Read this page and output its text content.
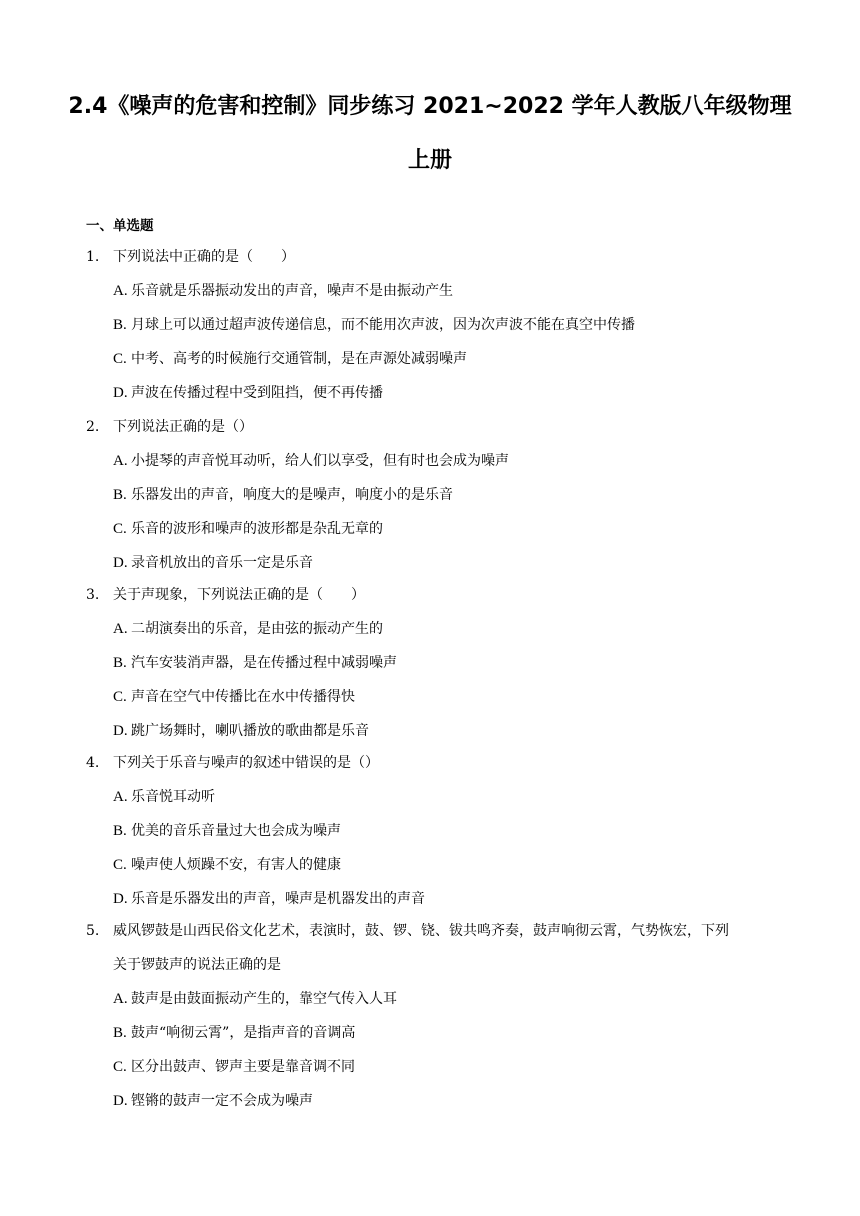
2.4《噪声的危害和控制》同步练习 2021~2022 学年人教版八年级物理
上册
一、单选题
1. 下列说法中正确的是（　　）
A. 乐音就是乐器振动发出的声音，噪声不是由振动产生
B. 月球上可以通过超声波传递信息，而不能用次声波，因为次声波不能在真空中传播
C. 中考、高考的时候施行交通管制，是在声源处减弱噪声
D. 声波在传播过程中受到阻挡，便不再传播
2. 下列说法正确的是（）
A. 小提琴的声音悦耳动听，给人们以享受，但有时也会成为噪声
B. 乐器发出的声音，响度大的是噪声，响度小的是乐音
C. 乐音的波形和噪声的波形都是杂乱无章的
D. 录音机放出的音乐一定是乐音
3. 关于声现象，下列说法正确的是（　　）
A. 二胡演奏出的乐音，是由弦的振动产生的
B. 汽车安装消声器，是在传播过程中减弱噪声
C. 声音在空气中传播比在水中传播得快
D. 跳广场舞时，喇叭播放的歌曲都是乐音
4. 下列关于乐音与噪声的叙述中错误的是（）
A. 乐音悦耳动听
B. 优美的音乐音量过大也会成为噪声
C. 噪声使人烦躁不安，有害人的健康
D. 乐音是乐器发出的声音，噪声是机器发出的声音
5. 威风锣鼓是山西民俗文化艺术，表演时，鼓、锣、铙、钹共鸣齐奏，鼓声响彻云霄，气势恢宏，下列
关于锣鼓声的说法正确的是
A. 鼓声是由鼓面振动产生的，靠空气传入人耳
B. 鼓声“响彻云霄”，是指声音的音调高
C. 区分出鼓声、锣声主要是靠音调不同
D. 铿锵的鼓声一定不会成为噪声
